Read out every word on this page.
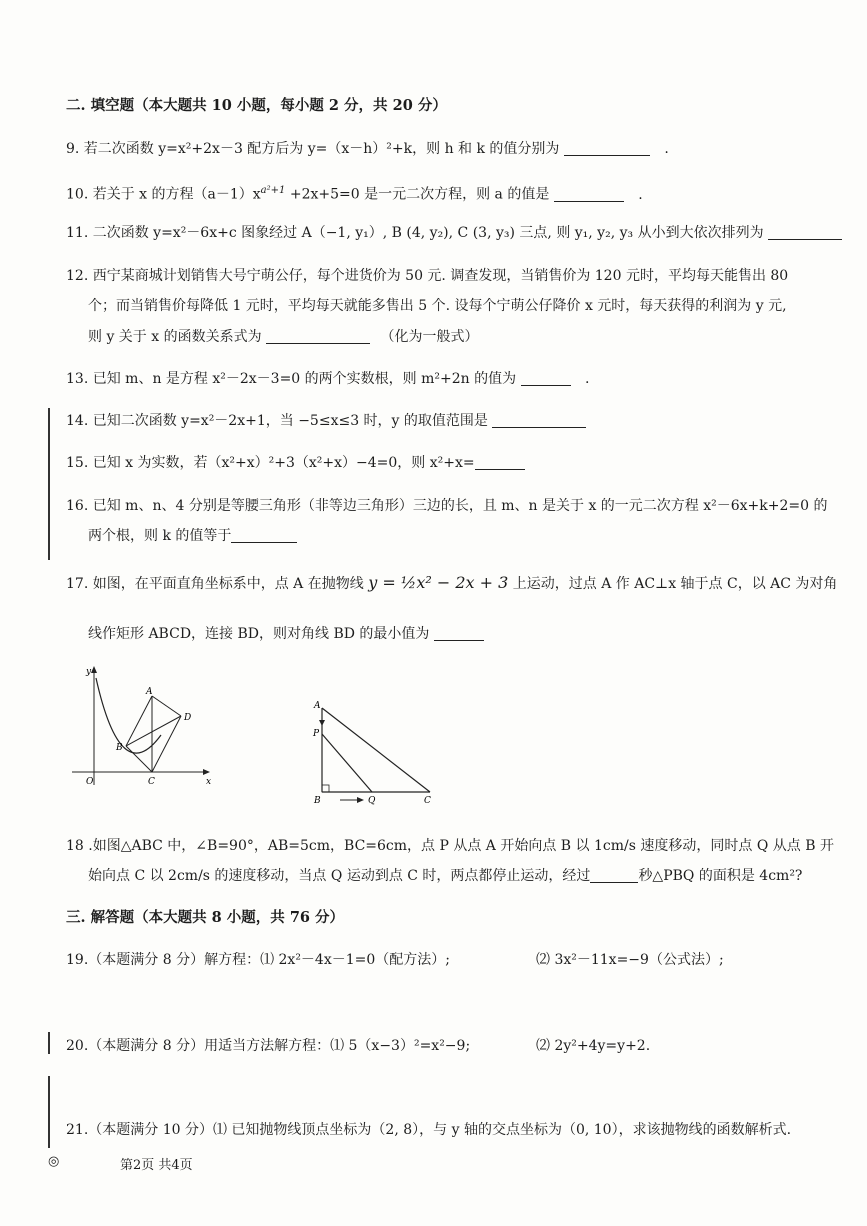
二. 填空题（本大题共 10 小题，每小题 2 分，共 20 分）
9. 若二次函数 y=x²+2x－3 配方后为 y=（x－h）²+k，则 h 和 k 的值分别为	.
10. 若关于 x 的方程$(a-1)x^{a^2+1} +2x+5=0$ 是一元二次方程，则 a 的值是	.
11. 二次函数 y=x²－6x+c 图象经过 A（−1, y₁）, B (4, y₂), C (3, y₃) 三点, 则 y₁, y₂, y₃ 从小到大依次排列为
12. 西宁某商城计划销售大号宁萌公仔，每个进货价为 50 元. 调查发现，当销售价为 120 元时，平均每天能售出 80
个；而当销售价每降低 1 元时，平均每天就能多售出 5 个. 设每个宁萌公仔降价 x 元时，每天获得的利润为 y 元,
则 y 关于 x 的函数关系式为	（化为一般式）
13. 已知 m、n 是方程 x²－2x－3=0 的两个实数根，则 m²+2n 的值为	.
14. 已知二次函数 y=x²－2x+1，当 −5≤x≤3 时，y 的取值范围是
15. 已知 x 为实数，若（x²+x）²+3（x²+x）−4=0，则 x²+x=
16. 已知 m、n、4 分别是等腰三角形（非等边三角形）三边的长，且 m、n 是关于 x 的一元二次方程 x²－6x+k+2=0 的
两个根，则 k 的值等于
17. 如图，在平面直角坐标系中，点 A 在抛物线 y = ½x² − 2x + 3 上运动，过点 A 作 AC⊥x 轴于点 C，以 AC 为对角
线作矩形 ABCD，连接 BD，则对角线 BD 的最小值为
y
x
O
A
B
C
D
A
P
B	Q	C
18 .如图△ABC 中，∠B=90°，AB=5cm，BC=6cm，点 P 从点 A 开始向点 B 以 1cm/s 速度移动，同时点 Q 从点 B 开
始向点 C 以 2cm/s 的速度移动，当点 Q 运动到点 C 时，两点都停止运动，经过	秒△PBQ 的面积是 4cm²?
三. 解答题（本大题共 8 小题，共 76 分）
19.（本题满分 8 分）解方程：⑴ 2x²－4x－1=0（配方法）;	⑵ 3x²－11x=−9（公式法）;
20.（本题满分 8 分）用适当方法解方程：⑴ 5（x−3）²=x²−9;	⑵ 2y²+4y=y+2.
21.（本题满分 10 分）⑴ 已知抛物线顶点坐标为（2, 8），与 y 轴的交点坐标为（0, 10），求该抛物线的函数解析式.
◎	第2页 共4页
